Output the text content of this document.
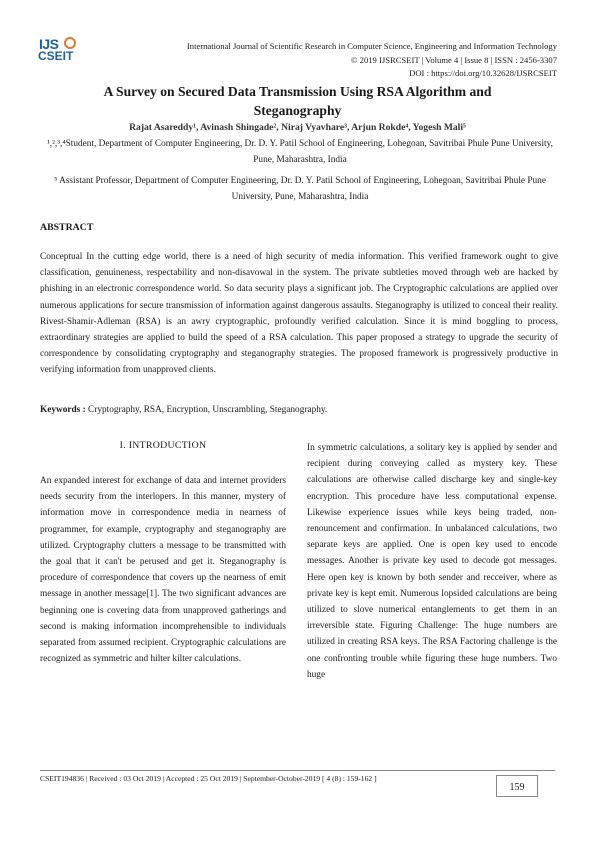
IJS
CSEIT
International Journal of Scientific Research in Computer Science, Engineering and Information Technology
© 2019 IJSRCSEIT | Volume 4 | Issue 8 | ISSN : 2456-3307
DOI : https://doi.org/10.32628/IJSRCSEIT
A Survey on Secured Data Transmission Using RSA Algorithm and Steganography
Rajat Asareddy¹, Avinash Shingade², Niraj Vyavhare³, Arjun Rokde⁴, Yogesh Mali⁵
¹,²,³,⁴Student, Department of Computer Engineering, Dr. D. Y. Patil School of Engineering, Lohegoan, Savitribai Phule Pune University, Pune, Maharashtra, India
⁵ Assistant Professor, Department of Computer Engineering, Dr. D. Y. Patil School of Engineering, Lohegoan, Savitribai Phule Pune University, Pune, Maharashtra, India
ABSTRACT
Conceptual In the cutting edge world, there is a need of high security of media information. This verified framework ought to give classification, genuineness, respectability and non-disavowal in the system. The private subtleties moved through web are hacked by phishing in an electronic correspondence world. So data security plays a significant job. The Cryptographic calculations are applied over numerous applications for secure transmission of information against dangerous assaults. Steganography is utilized to conceal their reality. Rivest-Shamir-Adleman (RSA) is an awry cryptographic, profoundly verified calculation. Since it is mind boggling to process, extraordinary strategies are applied to build the speed of a RSA calculation. This paper proposed a strategy to upgrade the security of correspondence by consolidating cryptography and steganography strategies. The proposed framework is progressively productive in verifying information from unapproved clients.
Keywords : Cryptography, RSA, Encryption, Unscrambling, Steganography.
I. INTRODUCTION
An expanded interest for exchange of data and internet providers needs security from the interlopers. In this manner, mystery of information move in correspondence media in nearness of programmer, for example, cryptography and steganography are utilized. Cryptography clutters a message to be transmitted with the goal that it can't be perused and get it. Steganography is procedure of correspondence that covers up the nearness of emit message in another message[1]. The two significant advances are beginning one is covering data from unapproved gatherings and second is making information incomprehensible to individuals separated from assumed recipient. Cryptographic calculations are recognized as symmetric and hilter kilter calculations.
In symmetric calculations, a solitary key is applied by sender and recipient during conveying called as mystery key. These calculations are otherwise called discharge key and single-key encryption. This procedure have less computational expense. Likewise experience issues while keys being traded, non-renouncement and confirmation. In unbalanced calculations, two separate keys are applied. One is open key used to encode messages. Another is private key used to decode got messages. Here open key is known by both sender and recceiver, where as private key is kept emit. Numerous lopsided calculations are being utilized to slove numerical entanglements to get them in an irreversible state. Figuring Challenge: The huge numbers are utilized in creating RSA keys. The RSA Factoring challenge is the one confronting trouble while figuring these huge numbers. Two huge
CSEIT194836 | Received : 03 Oct 2019 | Accepted : 25 Oct 2019 | September-October-2019 [ 4 (8) : 159-162 ]
159
